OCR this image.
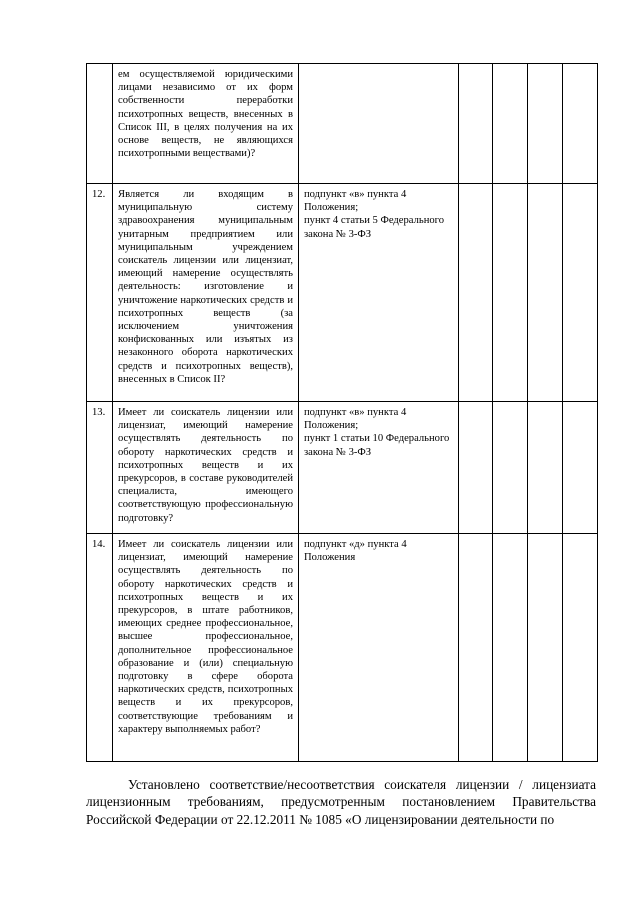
	ем осуществляемой юридическими лицами независимо от их форм собственности переработки психотропных веществ, внесенных в Список III, в целях получения на их основе веществ, не являющихся психотропными веществами)?					
12.	Является ли входящим в муниципальную систему здравоохранения муниципальным унитарным предприятием или муниципальным учреждением соискатель лицензии или лицензиат, имеющий намерение осуществлять деятельность: изготовление и уничтожение наркотических средств и психотропных веществ (за исключением уничтожения конфискованных или изъятых из незаконного оборота наркотических средств и психотропных веществ), внесенных в Список II?	подпункт «в» пункта 4 Положения;
пункт 4 статьи 5 Федерального закона № 3-ФЗ				

13.	Имеет ли соискатель лицензии или лицензиат, имеющий намерение осуществлять деятельность по обороту наркотических средств и психотропных веществ и их прекурсоров, в составе руководителей специалиста, имеющего соответствующую профессиональную подготовку?	подпункт «в» пункта 4 Положения;
пункт 1 статьи 10 Федерального закона № 3-ФЗ				

14.	Имеет ли соискатель лицензии или лицензиат, имеющий намерение осуществлять деятельность по обороту наркотических средств и психотропных веществ и их прекурсоров, в штате работников, имеющих среднее профессиональное, высшее профессиональное, дополнительное профессиональное образование и (или) специальную подготовку в сфере оборота наркотических средств, психотропных веществ и их прекурсоров, соответствующие требованиям и характеру выполняемых работ?	подпункт «д» пункта 4 Положения				

Установлено соответствие/несоответствия соискателя лицензии / лицензиата лицензионным требованиям, предусмотренным постановлением Правительства Российской Федерации от 22.12.2011 № 1085 «О лицензировании деятельности по
